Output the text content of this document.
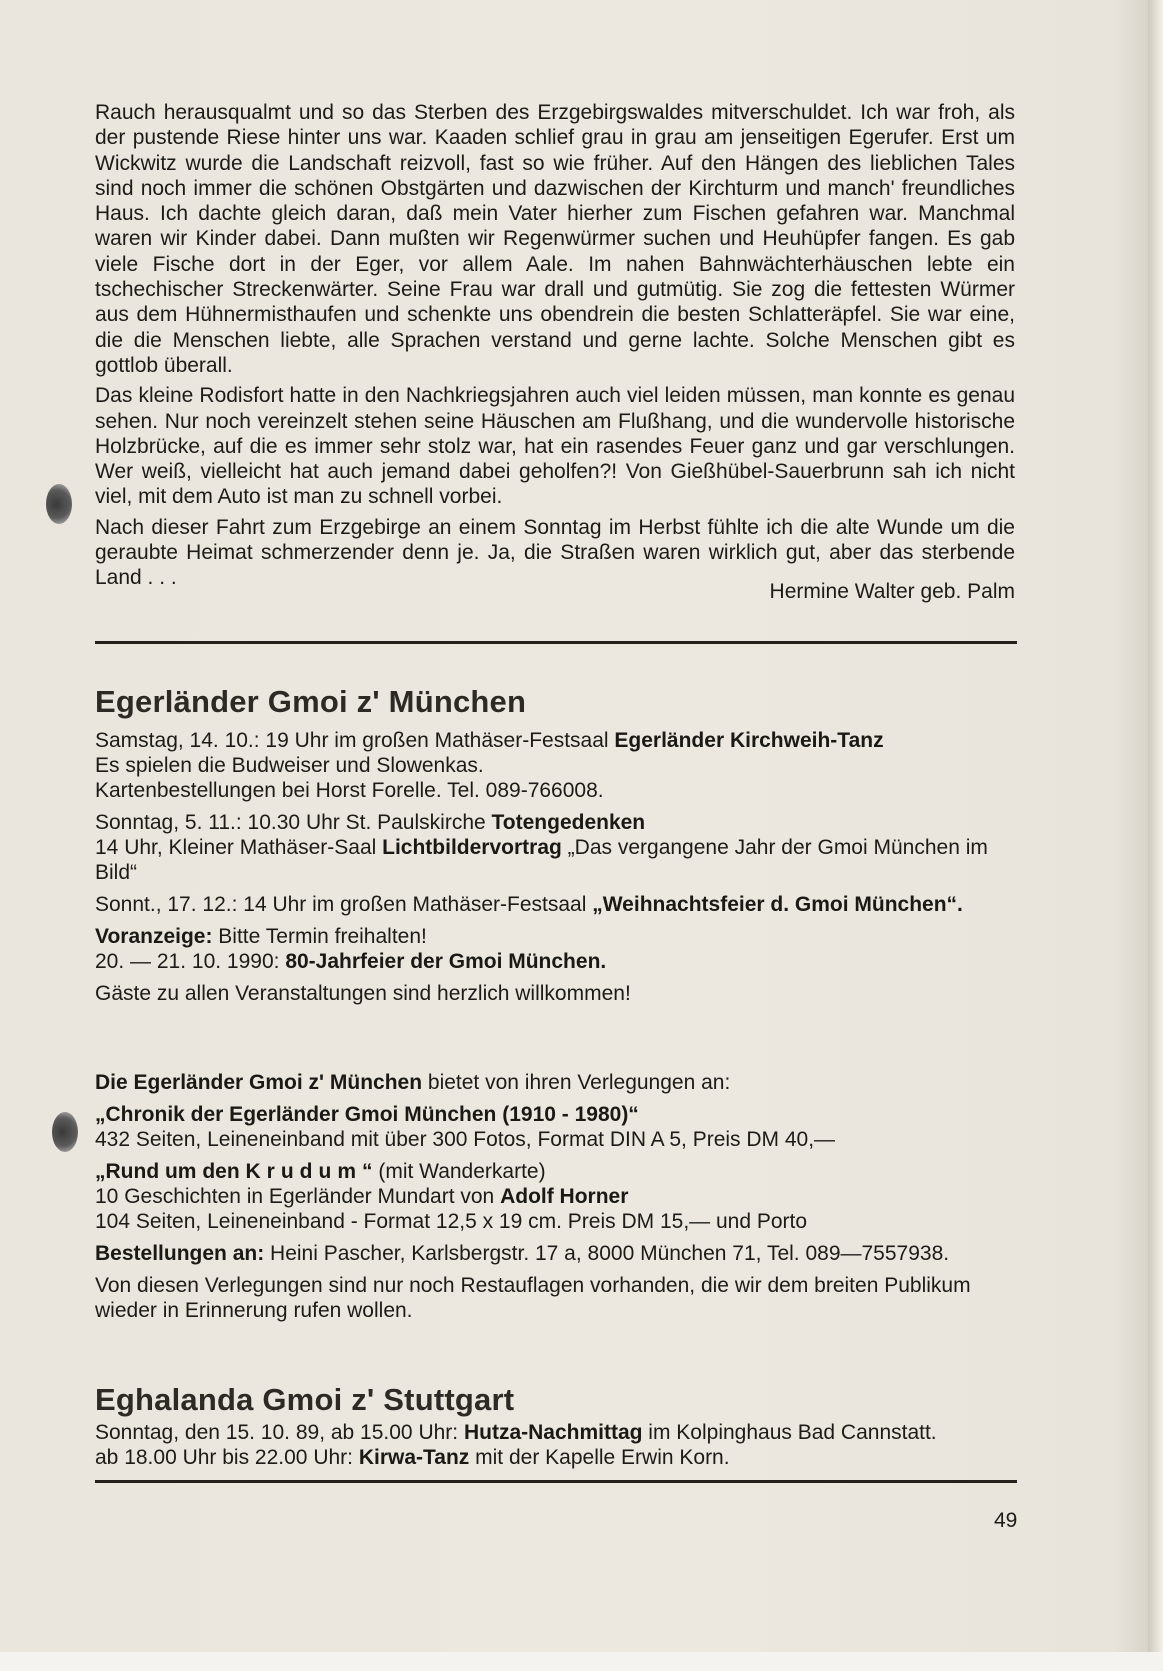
Rauch herausqualmt und so das Sterben des Erzgebirgswaldes mitverschuldet. Ich war froh, als der pustende Riese hinter uns war. Kaaden schlief grau in grau am jenseitigen Egerufer. Erst um Wickwitz wurde die Landschaft reizvoll, fast so wie früher. Auf den Hängen des lieblichen Tales sind noch immer die schönen Obstgärten und dazwischen der Kirchturm und manch' freundliches Haus. Ich dachte gleich daran, daß mein Vater hierher zum Fischen gefahren war. Manchmal waren wir Kinder dabei. Dann mußten wir Regenwürmer suchen und Heuhüpfer fangen. Es gab viele Fische dort in der Eger, vor allem Aale. Im nahen Bahnwächterhäuschen lebte ein tschechischer Streckenwärter. Seine Frau war drall und gutmütig. Sie zog die fettesten Würmer aus dem Hühnermisthaufen und schenkte uns obendrein die besten Schlatteräpfel. Sie war eine, die die Menschen liebte, alle Sprachen verstand und gerne lachte. Solche Menschen gibt es gottlob überall.

Das kleine Rodisfort hatte in den Nachkriegsjahren auch viel leiden müssen, man konnte es genau sehen. Nur noch vereinzelt stehen seine Häuschen am Flußhang, und die wundervolle historische Holzbrücke, auf die es immer sehr stolz war, hat ein rasendes Feuer ganz und gar verschlungen. Wer weiß, vielleicht hat auch jemand dabei geholfen?! Von Gießhübel-Sauerbrunn sah ich nicht viel, mit dem Auto ist man zu schnell vorbei.

Nach dieser Fahrt zum Erzgebirge an einem Sonntag im Herbst fühlte ich die alte Wunde um die geraubte Heimat schmerzender denn je. Ja, die Straßen waren wirklich gut, aber das sterbende Land . . .

Hermine Walter geb. Palm
Egerländer Gmoi z' München

Samstag, 14. 10.: 19 Uhr im großen Mathäser-Festsaal Egerländer Kirchweih-Tanz
Es spielen die Budweiser und Slowenkas.
Kartenbestellungen bei Horst Forelle. Tel. 089-766008.

Sonntag, 5. 11.: 10.30 Uhr St. Paulskirche Totengedenken
14 Uhr, Kleiner Mathäser-Saal Lichtbildervortrag „Das vergangene Jahr der Gmoi München im Bild“

Sonnt., 17. 12.: 14 Uhr im großen Mathäser-Festsaal „Weihnachtsfeier d. Gmoi München“.

Voranzeige: Bitte Termin freihalten!
20. — 21. 10. 1990: 80-Jahrfeier der Gmoi München.

Gäste zu allen Veranstaltungen sind herzlich willkommen!

Die Egerländer Gmoi z' München bietet von ihren Verlegungen an:

„Chronik der Egerländer Gmoi München (1910 - 1980)“
432 Seiten, Leineneinband mit über 300 Fotos, Format DIN A 5, Preis DM 40,—

„Rund um den Krudum“ (mit Wanderkarte)
10 Geschichten in Egerländer Mundart von Adolf Horner
104 Seiten, Leineneinband - Format 12,5 x 19 cm. Preis DM 15,— und Porto

Bestellungen an: Heini Pascher, Karlsbergstr. 17 a, 8000 München 71, Tel. 089—7557938.

Von diesen Verlegungen sind nur noch Restauflagen vorhanden, die wir dem breiten Publikum wieder in Erinnerung rufen wollen.

Eghalanda Gmoi z' Stuttgart

Sonntag, den 15. 10. 89, ab 15.00 Uhr: Hutza-Nachmittag im Kolpinghaus Bad Cannstatt.
ab 18.00 Uhr bis 22.00 Uhr: Kirwa-Tanz mit der Kapelle Erwin Korn.

49
